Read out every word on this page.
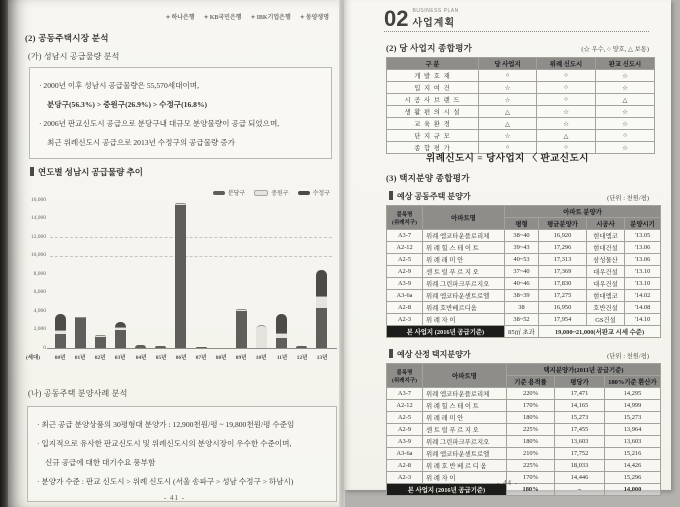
✦하나은행 ✦KB국민은행 ✦IBK기업은행 ✦동양생명
(2) 공동주택시장 분석
(가) 성남시 공급물량 분석
· 2000년 이후 성남시 공급물량은 55,570세대이며,
분당구(56.3%) > 중원구(26.9%) > 수정구(16.8%)
· 2006년 판교신도시 공급으로 분당구내 대규모 분양물량이 공급 되었으며,
최근 위례신도시 공급으로 2013년 수정구의 공급물량 증가
연도별 성남시 공급물량 추이
분당구	중원구	수정구
0
2,000
4,000
6,000
8,000
10,000
12,000
14,000
16,000
(세대)	00년	01년	02년	03년	04년	05년	06년	07년	08년	09년	10년	11년	12년	13년
(나) 공동주택 분양사례 분석
· 최근 공급 분양상품의 30평형대 분양가 : 12,900천원/평 ~ 19,800천원/평 수준임
· 입지적으로 유사한 판교신도시 및 위례신도시의 분양시장이 우수한 수준이며,
신규 공급에 대한 대기수요 풍부함
· 분양가 수준 : 판교 신도시 > 위례 신도시 (서울 송파구 > 성남 수정구 > 하남시)
- 41 -
02 BUSINESS PLAN
사업계획
(2) 당 사업지 종합평가	(☆ 우수, ○ 양호, △ 보통)
구 분	당 사업지	위례 신도시	판교 신도시
개 발 호 재	○	○	☆
입 지 여 건	☆	○	☆
시 공 사 브 랜 드	☆	○	△
생 활 편 의 시 설	△	☆	☆
교 육 환 경	△	☆	☆
단 지 규 모	☆	△	○
종 합 평 가	○	○	☆
위례신도시 = 당사업지 〈 판교신도시
(3) 택지분양 종합평가
예상 공동주택 분양가	(단위 : 천원/평)
블록명
(위례지구)	아파트명	아파트 분양가			
		평형	평균분양가	시공사	분양시기
A3-7	위례 엠코타운플로리체	38~40	16,920	현대엠코	'13.05
A2-12	위 례 힐 스 테 이 트	39~43	17,296	현대건설	'13.06
A2-5	위 례 래 미 안	40~53	17,313	삼성물산	'13.06
A2-9	센 트 럴 푸 르 지 오	37~40	17,369	대우건설	'13.10
A3-9	위례 그린파크푸르지오	40~46	17,830	대우건설	'13.10
A3-6a	위례 엠코타운센트로엘	38~39	17,275	현대엠코	'14.02
A2-8	위례 호반베르디움	38	16,950	호반건설	'14.08
A2-3	위 례 자 이	38~52	17,954	GS건설	'14.10
본 사업지 (2016년 공급기준)		85㎡ 초과	19,000~21,000(서판교 시세 수준)		
예상 산정 택지분양가	(단위 : 천원/평)
블록명
(위례지구)	아파트명	택지분양가(2011년 공급기준)		
		기준 용적률	평당가	180%기준 환산가
A3-7	위례 엠코타운플로리체	220%	17,471	14,295
A2-12	위 례 힐 스 테 이 트	170%	14,165	14,999
A2-5	위 례 래 미 안	180%	15,273	15,273
A2-9	센 트 럴 푸 르 지 오	225%	17,455	13,964
A3-9	위례 그린파크푸르지오	180%	13,603	13,603
A3-6a	위례 엠코타운센트로엘	210%	17,752	15,216
A2-8	위 례 호 반 베 르 디 움	225%	18,033	14,426
A2-3	위 례 자 이	170%	14,446	15,296
본 사업지 (2016년 공급기준)		180%	–	14,000
- 44 -
